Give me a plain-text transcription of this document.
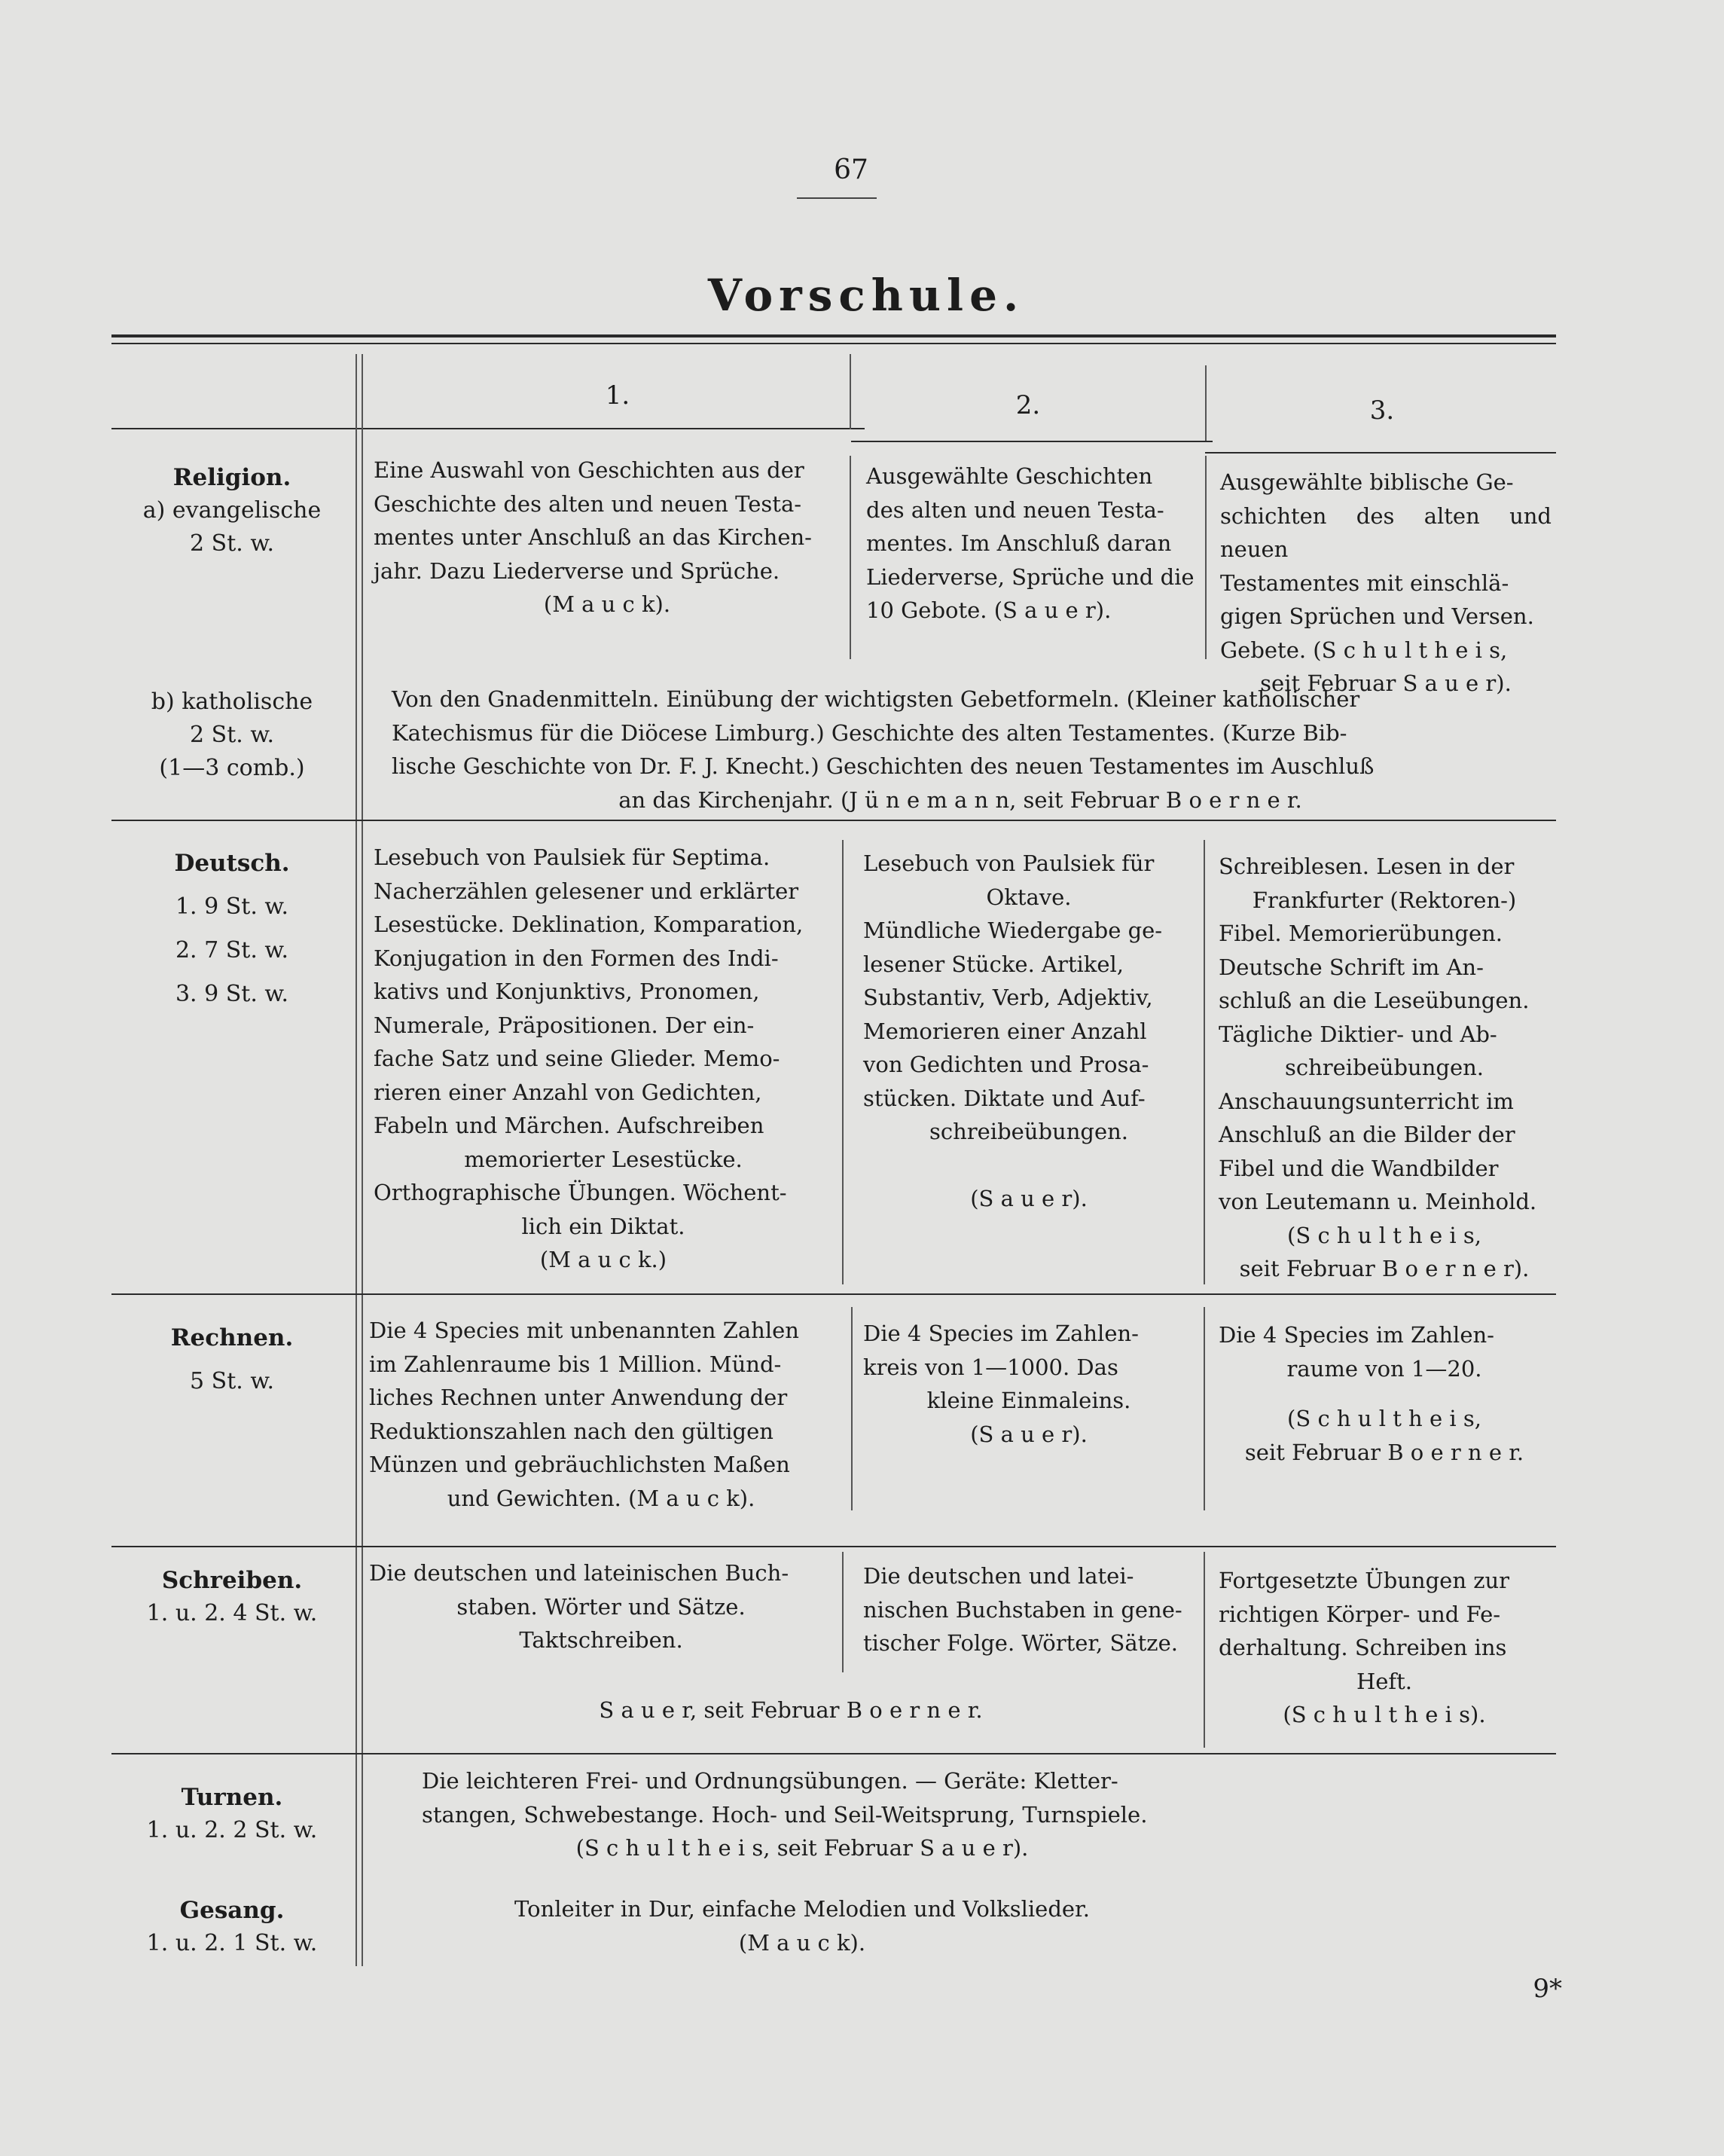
67
Vorschule.
1.	2.	3.
Religion.
a) evangelische
2 St. w.
Eine Auswahl von Geschichten aus der
Geschichte des alten und neuen Testa-
mentes unter Anschluß an das Kirchen-
jahr. Dazu Liederverse und Sprüche.
(M a u c k).
Ausgewählte Geschichten
des alten und neuen Testa-
mentes. Im Anschluß daran
Liederverse, Sprüche und die
10 Gebote. (S a u e r).
Ausgewählte biblische Ge-
schichten des alten und neuen
Testamentes mit einschlä-
gigen Sprüchen und Versen.
Gebete. (S c h u l t h e i s,
seit Februar S a u e r).
b) katholische
2 St. w.
(1—3 comb.)
Von den Gnadenmitteln. Einübung der wichtigsten Gebetformeln. (Kleiner katholischer
Katechismus für die Diöcese Limburg.) Geschichte des alten Testamentes. (Kurze Bib-
lische Geschichte von Dr. F. J. Knecht.) Geschichten des neuen Testamentes im Auschluß
an das Kirchenjahr. (J ü n e m a n n, seit Februar B o e r n e r.
Deutsch.
1. 9 St. w.
2. 7 St. w.
3. 9 St. w.
Lesebuch von Paulsiek für Septima.
Nacherzählen gelesener und erklärter
Lesestücke. Deklination, Komparation,
Konjugation in den Formen des Indi-
kativs und Konjunktivs, Pronomen,
Numerale, Präpositionen. Der ein-
fache Satz und seine Glieder. Memo-
rieren einer Anzahl von Gedichten,
Fabeln und Märchen. Aufschreiben
memorierter Lesestücke.
Orthographische Übungen. Wöchent-
lich ein Diktat.
(M a u c k.)
Lesebuch von Paulsiek für
Oktave.
Mündliche Wiedergabe ge-
lesener Stücke. Artikel,
Substantiv, Verb, Adjektiv,
Memorieren einer Anzahl
von Gedichten und Prosa-
stücken. Diktate und Auf-
schreibeübungen.
(S a u e r).
Schreiblesen. Lesen in der
Frankfurter (Rektoren-)
Fibel. Memorierübungen.
Deutsche Schrift im An-
schluß an die Leseübungen.
Tägliche Diktier- und Ab-
schreibeübungen.
Anschauungsunterricht im
Anschluß an die Bilder der
Fibel und die Wandbilder
von Leutemann u. Meinhold.
(S c h u l t h e i s,
seit Februar B o e r n e r).
Rechnen.
5 St. w.
Die 4 Species mit unbenannten Zahlen
im Zahlenraume bis 1 Million. Münd-
liches Rechnen unter Anwendung der
Reduktionszahlen nach den gültigen
Münzen und gebräuchlichsten Maßen
und Gewichten. (M a u c k).
Die 4 Species im Zahlen-
kreis von 1—1000. Das
kleine Einmaleins.
(S a u e r).
Die 4 Species im Zahlen-
raume von 1—20.
(S c h u l t h e i s,
seit Februar B o e r n e r.
Schreiben.
1. u. 2. 4 St. w.
Die deutschen und lateinischen Buch-
staben. Wörter und Sätze.
Taktschreiben.
Die deutschen und latei-
nischen Buchstaben in gene-
tischer Folge. Wörter, Sätze.
S a u e r, seit Februar B o e r n e r.
Fortgesetzte Übungen zur
richtigen Körper- und Fe-
derhaltung. Schreiben ins
Heft.
(S c h u l t h e i s).
Turnen.
1. u. 2. 2 St. w.
Die leichteren Frei- und Ordnungsübungen. — Geräte: Kletter-
stangen, Schwebestange. Hoch- und Seil-Weitsprung, Turnspiele.
(S c h u l t h e i s, seit Februar S a u e r).
Gesang.
1. u. 2. 1 St. w.
Tonleiter in Dur, einfache Melodien und Volkslieder.
(M a u c k).
9*
